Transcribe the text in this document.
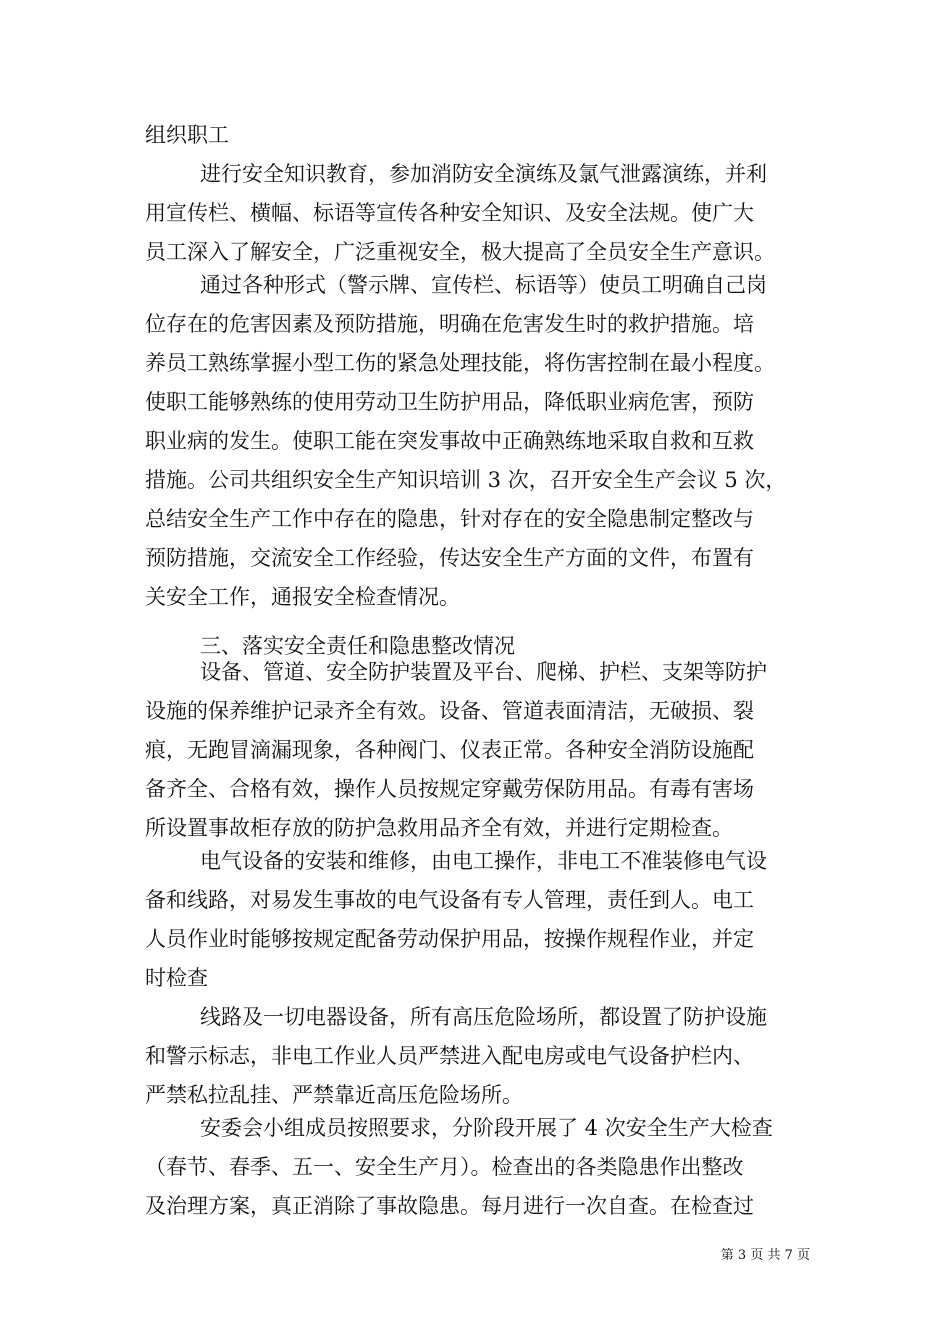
组织职工
进行安全知识教育，参加消防安全演练及氯气泄露演练，并利
用宣传栏、横幅、标语等宣传各种安全知识、及安全法规。使广大
员工深入了解安全，广泛重视安全，极大提高了全员安全生产意识。
通过各种形式（警示牌、宣传栏、标语等）使员工明确自己岗
位存在的危害因素及预防措施，明确在危害发生时的救护措施。培
养员工熟练掌握小型工伤的紧急处理技能，将伤害控制在最小程度。
使职工能够熟练的使用劳动卫生防护用品，降低职业病危害，预防
职业病的发生。使职工能在突发事故中正确熟练地采取自救和互救
措施。公司共组织安全生产知识培训 3 次，召开安全生产会议 5 次，
总结安全生产工作中存在的隐患，针对存在的安全隐患制定整改与
预防措施，交流安全工作经验，传达安全生产方面的文件，布置有
关安全工作，通报安全检查情况。
三、落实安全责任和隐患整改情况
设备、管道、安全防护装置及平台、爬梯、护栏、支架等防护
设施的保养维护记录齐全有效。设备、管道表面清洁，无破损、裂
痕，无跑冒滴漏现象，各种阀门、仪表正常。各种安全消防设施配
备齐全、合格有效，操作人员按规定穿戴劳保防用品。有毒有害场
所设置事故柜存放的防护急救用品齐全有效，并进行定期检查。
电气设备的安装和维修，由电工操作，非电工不准装修电气设
备和线路，对易发生事故的电气设备有专人管理，责任到人。电工
人员作业时能够按规定配备劳动保护用品，按操作规程作业，并定
时检查
线路及一切电器设备，所有高压危险场所，都设置了防护设施
和警示标志，非电工作业人员严禁进入配电房或电气设备护栏内、
严禁私拉乱挂、严禁靠近高压危险场所。
安委会小组成员按照要求，分阶段开展了 4 次安全生产大检查
（春节、春季、五一、安全生产月）。检查出的各类隐患作出整改
及治理方案，真正消除了事故隐患。每月进行一次自查。在检查过
第 3 页 共 7 页
